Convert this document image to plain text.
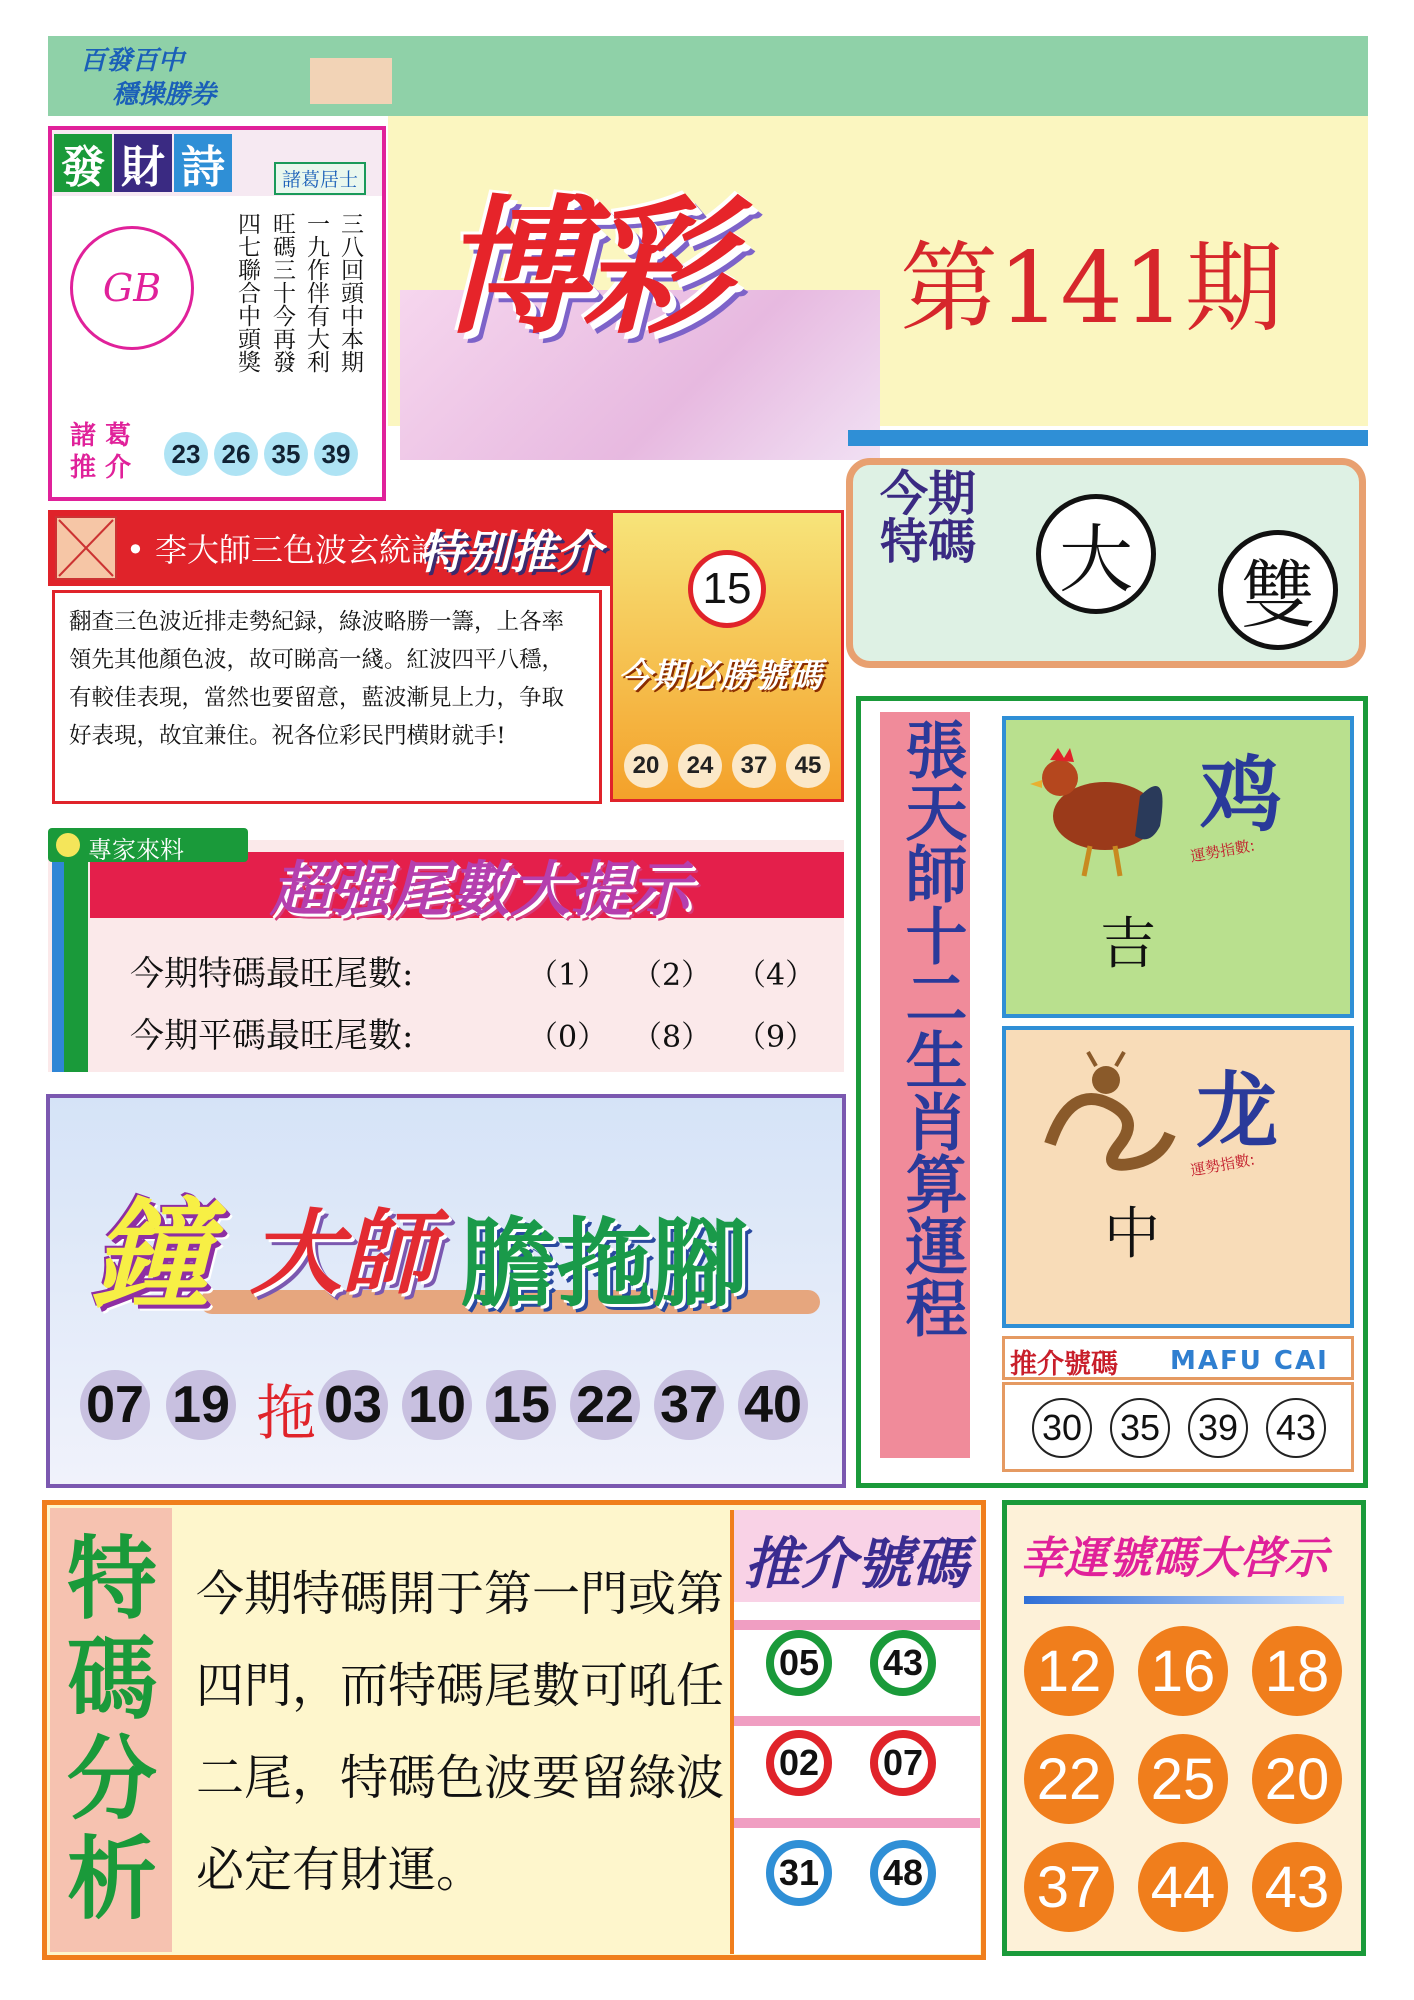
百發百中
穩操勝券
博彩 第141期
發 財 詩	諸葛居士
GB	四七聯合中頭獎 旺碼三十今再發 一九作伴有大利 三八回頭中本期
諸 葛
推 介 23 26 35 39
今期特碼	大	雙
• 李大師三色波玄統論
特别推介
翻查三色波近排走勢紀録，綠波略勝一籌，上各率領先其他顏色波，故可睇高一綫。紅波四平八穩，有較佳表現，當然也要留意，藍波漸見上力，争取好表現，故宜兼住。祝各位彩民門横財就手!
15
今期必勝號碼
20	24	37	45
專家來料
超强尾數大提示
今期特碼最旺尾數:	（1） （2） （4）
今期平碼最旺尾數:	（0） （8） （9）
鐘 大師 膽拖腳
07 19 拖 03 10 15 22 37 40
張天師十二生肖算運程	鸡
運勢指數:
吉
龙
運勢指數:
中
推介號碼 MAFU CAI
30 35 39 43
特碼分析
今期特碼開于第一門或第四門，而特碼尾數可吼任二尾，特碼色波要留綠波必定有財運。
推介號碼
05	43
02	07
31	48
幸運號碼大啓示
12 16 18
22 25 20
37 44 43
